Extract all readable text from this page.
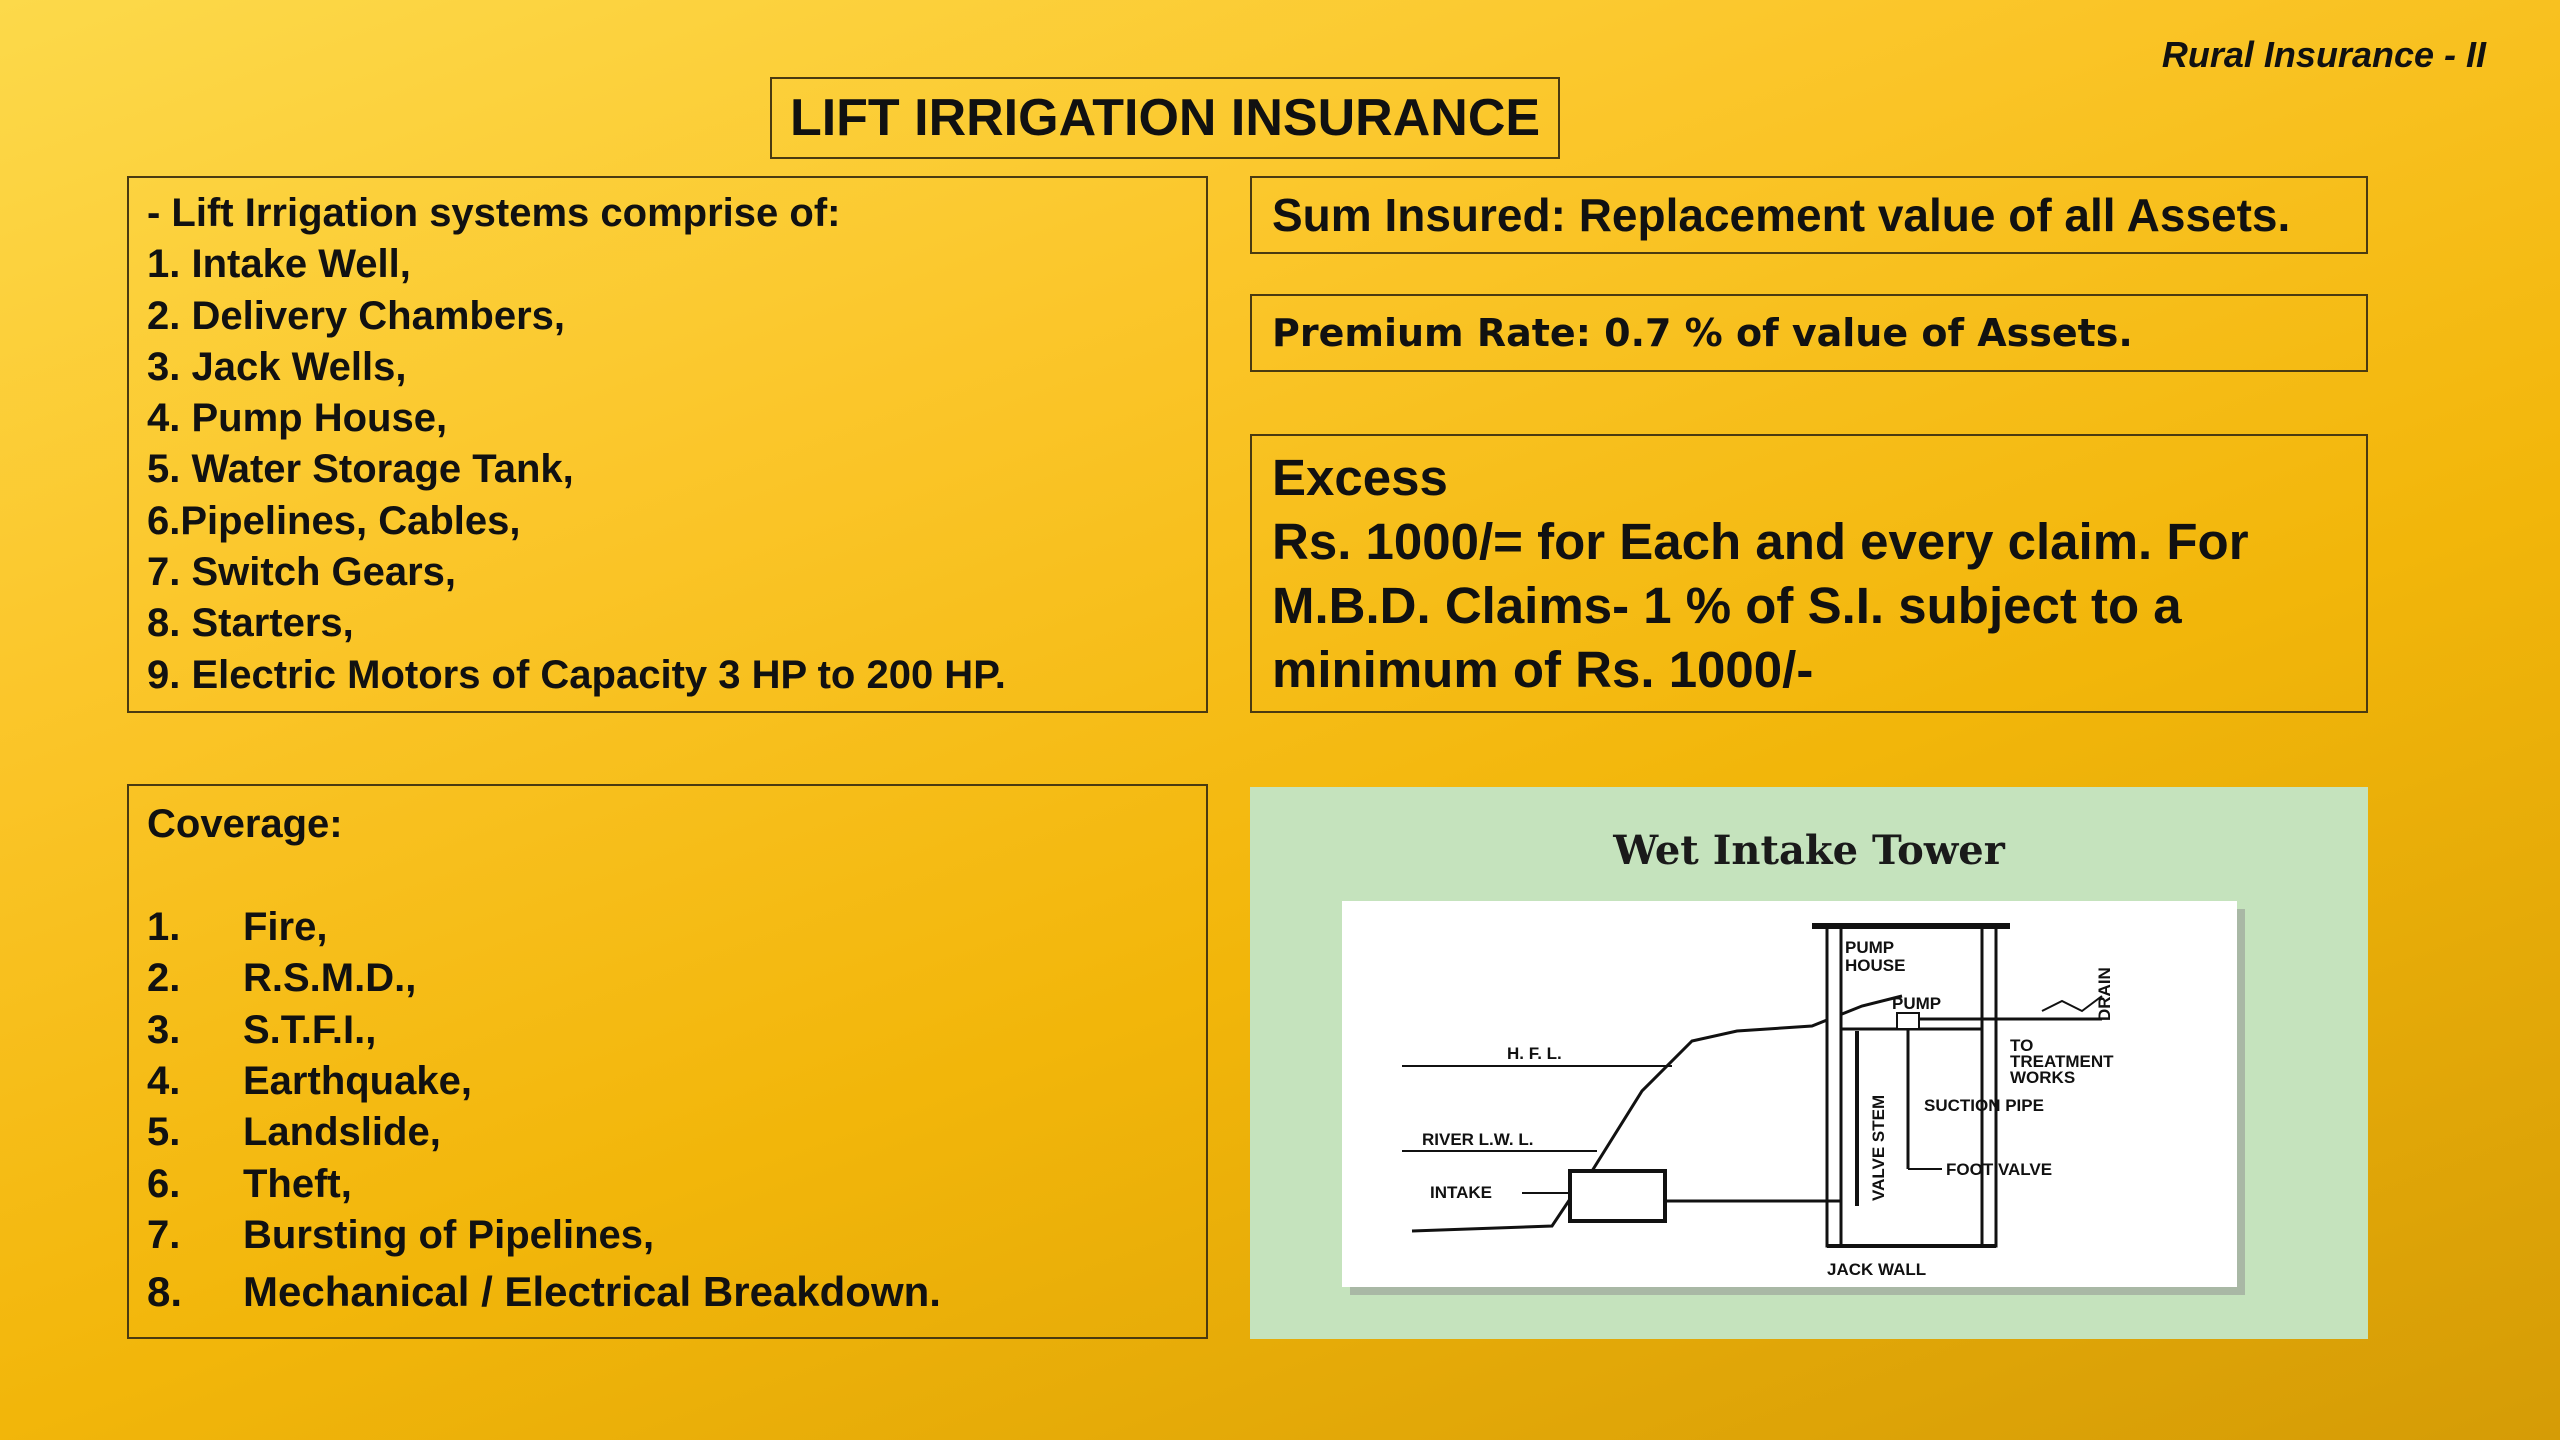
Rural Insurance - II
LIFT IRRIGATION INSURANCE
- Lift Irrigation systems comprise of:
1. Intake Well,
2. Delivery Chambers,
3. Jack Wells,
4. Pump House,
5. Water Storage Tank,
6.Pipelines, Cables,
7. Switch Gears,
8. Starters,
9. Electric Motors of Capacity 3 HP to 200 HP.
Sum Insured: Replacement value of all Assets.
Premium Rate: 0.7 % of value of Assets.
Excess
Rs. 1000/= for Each and every claim. For M.B.D. Claims- 1 % of S.I. subject to a minimum of Rs. 1000/-
Coverage:
1.	Fire,
2.	R.S.M.D.,
3.	S.T.F.I.,
4.	Earthquake,
5.	Landslide,
6.	Theft,
7.	Bursting of Pipelines,
8.	Mechanical / Electrical Breakdown.
Wet Intake Tower
PUMP
HOUSE
PUMP	DRAIN
TO
TREATMENT
WORKS
H. F. L.
SUCTION PIPE
RIVER L.W. L.	VALVE STEM
INTAKE
FOOT VALVE
JACK WALL
